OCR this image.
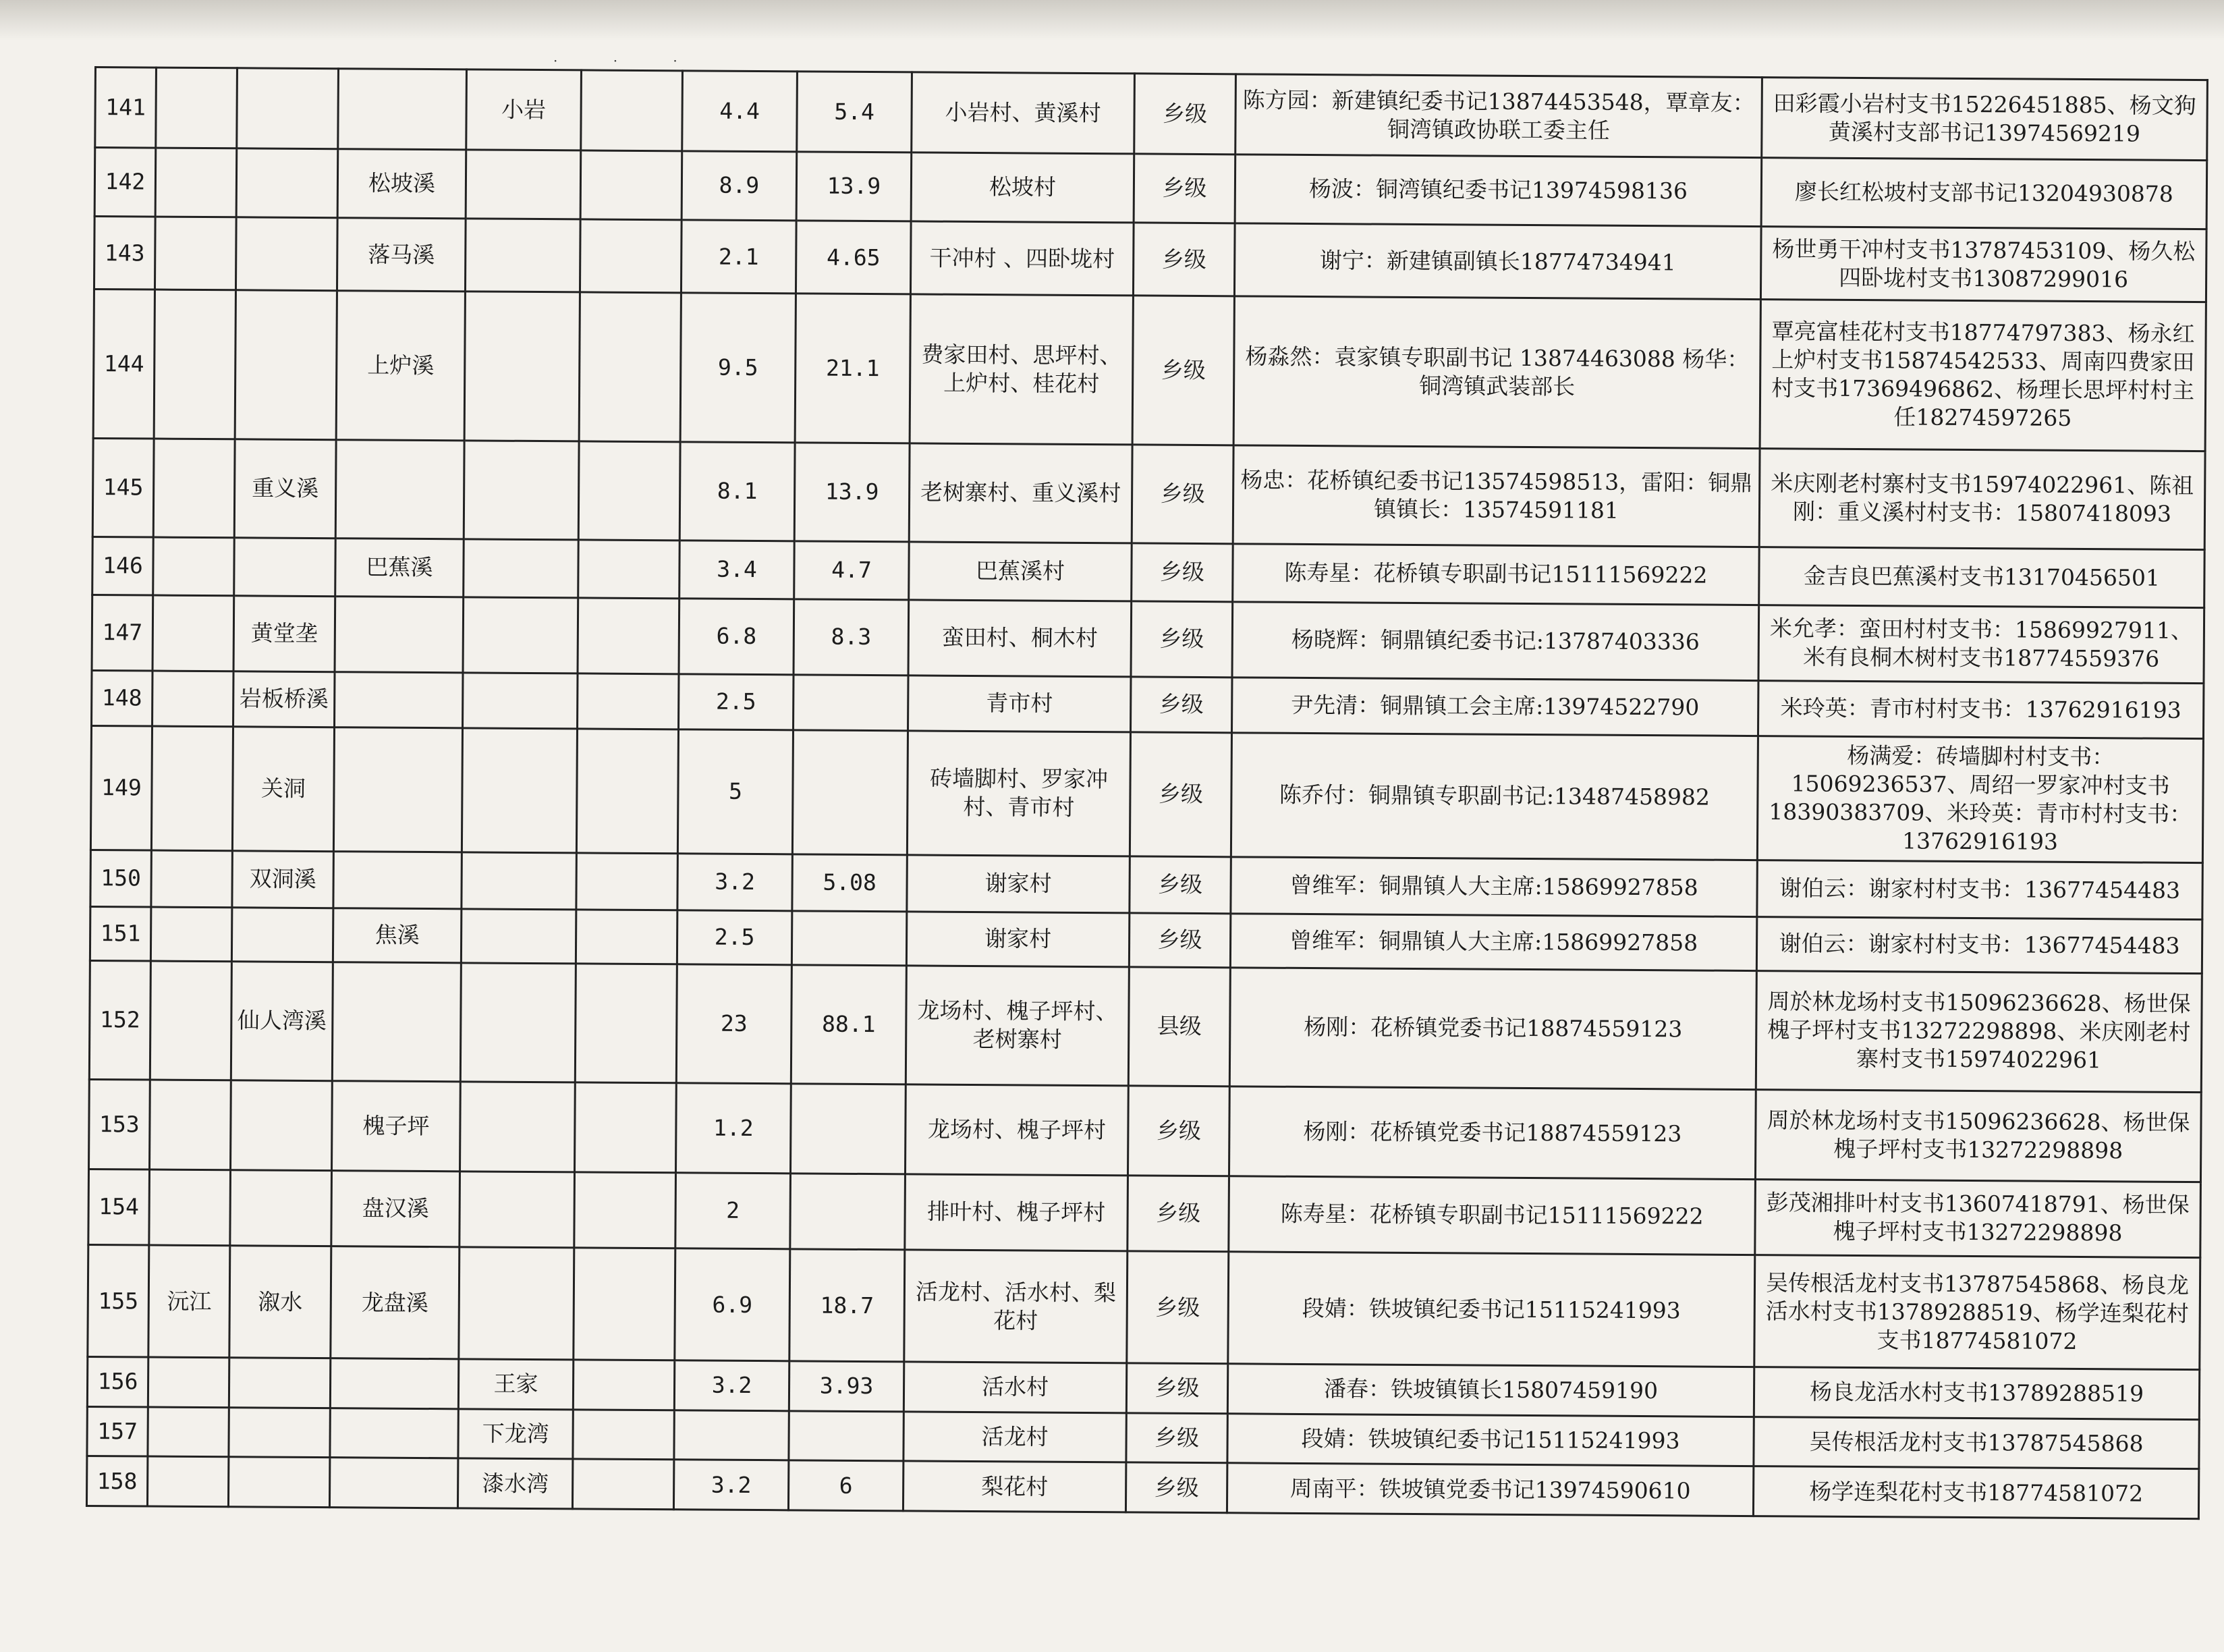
· · ·
141				小岩		4.4	5.4	小岩村、黄溪村	乡级	陈方园：新建镇纪委书记13874453548，覃章友：铜湾镇政协联工委主任	田彩霞小岩村支书15226451885、杨文狗黄溪村支部书记13974569219
142			松坡溪			8.9	13.9	松坡村	乡级	杨波：铜湾镇纪委书记13974598136	廖长红松坡村支部书记13204930878
143			落马溪			2.1	4.65	干冲村 、四卧垅村	乡级	谢宁：新建镇副镇长18774734941	杨世勇干冲村支书13787453109、杨久松四卧垅村支书13087299016
144			上炉溪			9.5	21.1	费家田村、思坪村、上炉村、桂花村	乡级	杨淼然：袁家镇专职副书记 13874463088 杨华：铜湾镇武装部长	覃亮富桂花村支书18774797383、杨永红上炉村支书15874542533、周南四费家田村支书17369496862、杨理长思坪村村主任18274597265
145		重义溪				8.1	13.9	老树寨村、重义溪村	乡级	杨忠：花桥镇纪委书记13574598513，雷阳：铜鼎镇镇长：13574591181	米庆刚老村寨村支书15974022961、陈祖刚：重义溪村村支书：15807418093
146			巴蕉溪			3.4	4.7	巴蕉溪村	乡级	陈寿星：花桥镇专职副书记15111569222	金吉良巴蕉溪村支书13170456501
147		黄堂垄				6.8	8.3	蛮田村、桐木村	乡级	杨晓辉：铜鼎镇纪委书记:13787403336	米允孝：蛮田村村支书：15869927911、米有良桐木树村支书18774559376
148		岩板桥溪				2.5		青市村	乡级	尹先清：铜鼎镇工会主席:13974522790	米玲英：青市村村支书：13762916193
149		关洞				5		砖墙脚村、罗家冲村、青市村	乡级	陈乔付：铜鼎镇专职副书记:13487458982	杨满爱：砖墙脚村村支书：15069236537、周绍一罗家冲村支书18390383709、米玲英：青市村村支书：13762916193
150		双洞溪				3.2	5.08	谢家村	乡级	曾维军：铜鼎镇人大主席:15869927858	谢伯云：谢家村村支书：13677454483
151			焦溪			2.5		谢家村	乡级	曾维军：铜鼎镇人大主席:15869927858	谢伯云：谢家村村支书：13677454483
152		仙人湾溪				23	88.1	龙场村、槐子坪村、老树寨村	县级	杨刚：花桥镇党委书记18874559123	周於林龙场村支书15096236628、杨世保槐子坪村支书13272298898、米庆刚老村寨村支书15974022961
153			槐子坪			1.2		龙场村、槐子坪村	乡级	杨刚：花桥镇党委书记18874559123	周於林龙场村支书15096236628、杨世保槐子坪村支书13272298898
154			盘汉溪			2		排叶村、槐子坪村	乡级	陈寿星：花桥镇专职副书记15111569222	彭茂湘排叶村支书13607418791、杨世保槐子坪村支书13272298898
155	沅江	溆水	龙盘溪			6.9	18.7	活龙村、活水村、梨花村	乡级	段婧：铁坡镇纪委书记15115241993	吴传根活龙村支书13787545868、杨良龙活水村支书13789288519、杨学连梨花村支书18774581072
156				王家		3.2	3.93	活水村	乡级	潘春：铁坡镇镇长15807459190	杨良龙活水村支书13789288519
157				下龙湾				活龙村	乡级	段婧：铁坡镇纪委书记15115241993	吴传根活龙村支书13787545868
158				漆水湾		3.2	6	梨花村	乡级	周南平：铁坡镇党委书记13974590610	杨学连梨花村支书18774581072
